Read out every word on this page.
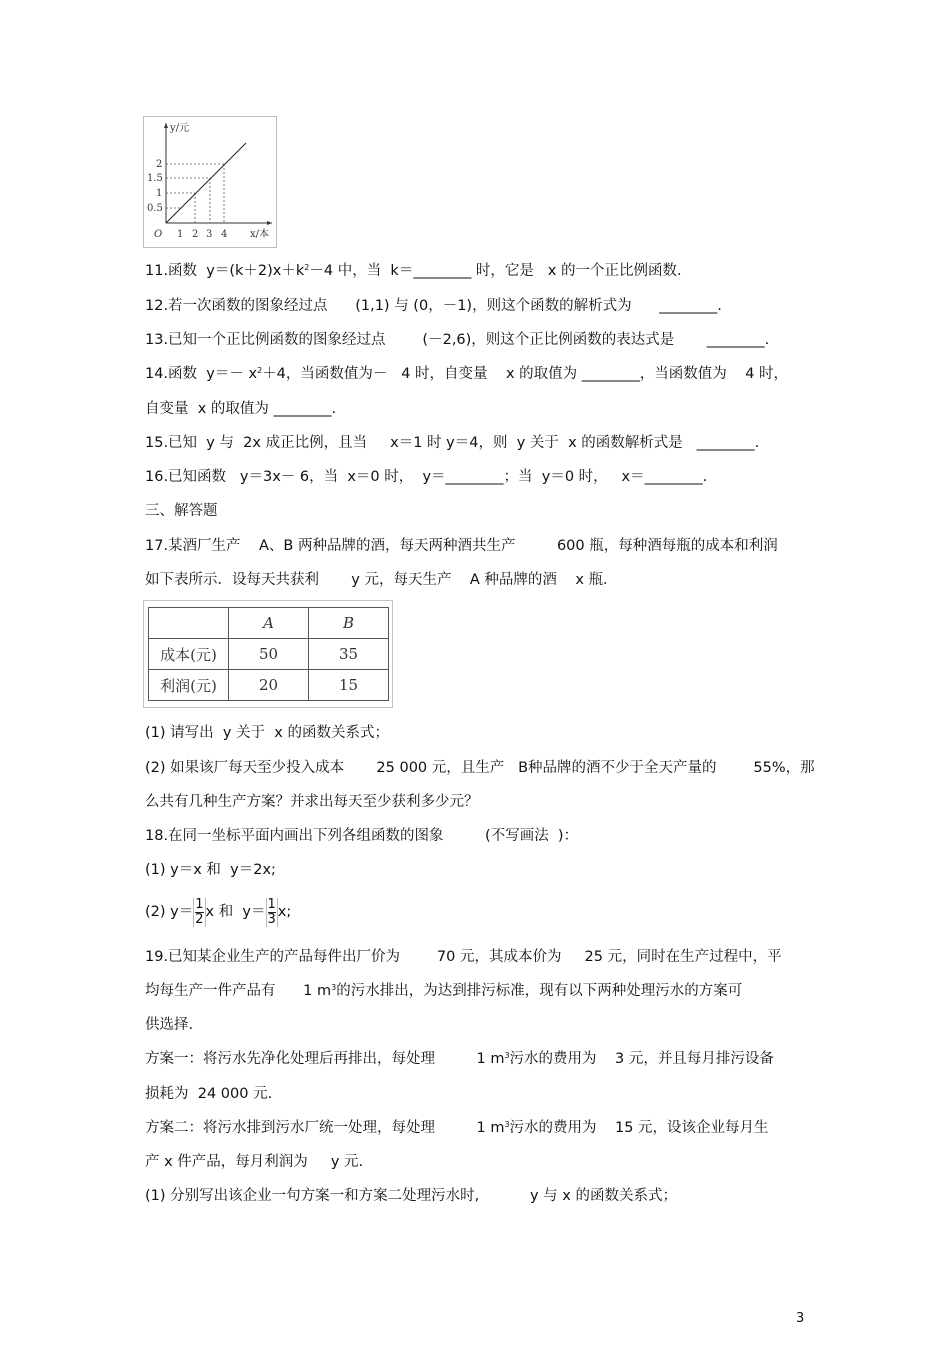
y/元
x/本
O
2
1.5
1
0.5
1 2 3 4
11.函数  $y=(k+2)x+k^2-4$ 中，当  k＝________ 时，它是   x 的一个正比例函数.
12.若一次函数的图象经过点      (1,1) 与 (0，－1)，则这个函数的解析式为      ________.
13.已知一个正比例函数的图象经过点        (－2,6)，则这个正比例函数的表达式是       ________.
14.函数  $y=- x^2+4$，当函数值为－   4 时，自变量    x 的取值为 ________，当函数值为    4 时，
自变量  x 的取值为 ________.
15.已知  y 与  2x 成正比例，且当     x＝1 时 y＝4，则  y 关于  x 的函数解析式是   ________.
16.已知函数   y＝3x－ 6，当  x＝0 时，  y＝________；当  y＝0 时，   x＝________.
三、解答题
17.某酒厂生产    A、B 两种品牌的酒，每天两种酒共生产         600 瓶，每种酒每瓶的成本和利润
如下表所示．设每天共获利       y 元，每天生产    A 种品牌的酒    x 瓶．
	A	B
成本(元)	50	35
利润(元)	20	15
(1) 请写出  y 关于  x 的函数关系式；
(2) 如果该厂每天至少投入成本       25 000 元，且生产   B种品牌的酒不少于全天产量的        55%，那
么共有几种生产方案？并求出每天至少获利多少元？
18.在同一坐标平面内画出下列各组函数的图象         (不写画法  )：
(1) y＝x 和  y＝2x;
(2) $y= \frac{1}{2}$ x 和  $y= \frac{1}{3} x$;
19.已知某企业生产的产品每件出厂价为        70 元，其成本价为     25 元，同时在生产过程中，平
均每生产一件产品有      1 $m^3$的污水排出，为达到排污标准，现有以下两种处理污水的方案可
供选择.
方案一：将污水先净化处理后再排出，每处理         1 $m^3$污水的费用为    3 元，并且每月排污设备
损耗为  24 000 元.
方案二：将污水排到污水厂统一处理，每处理         1 $m^3$污水的费用为    15 元，设该企业每月生
产 x 件产品，每月利润为     y 元.
(1) 分别写出该企业一句方案一和方案二处理污水时,           y 与 x 的函数关系式；
3
